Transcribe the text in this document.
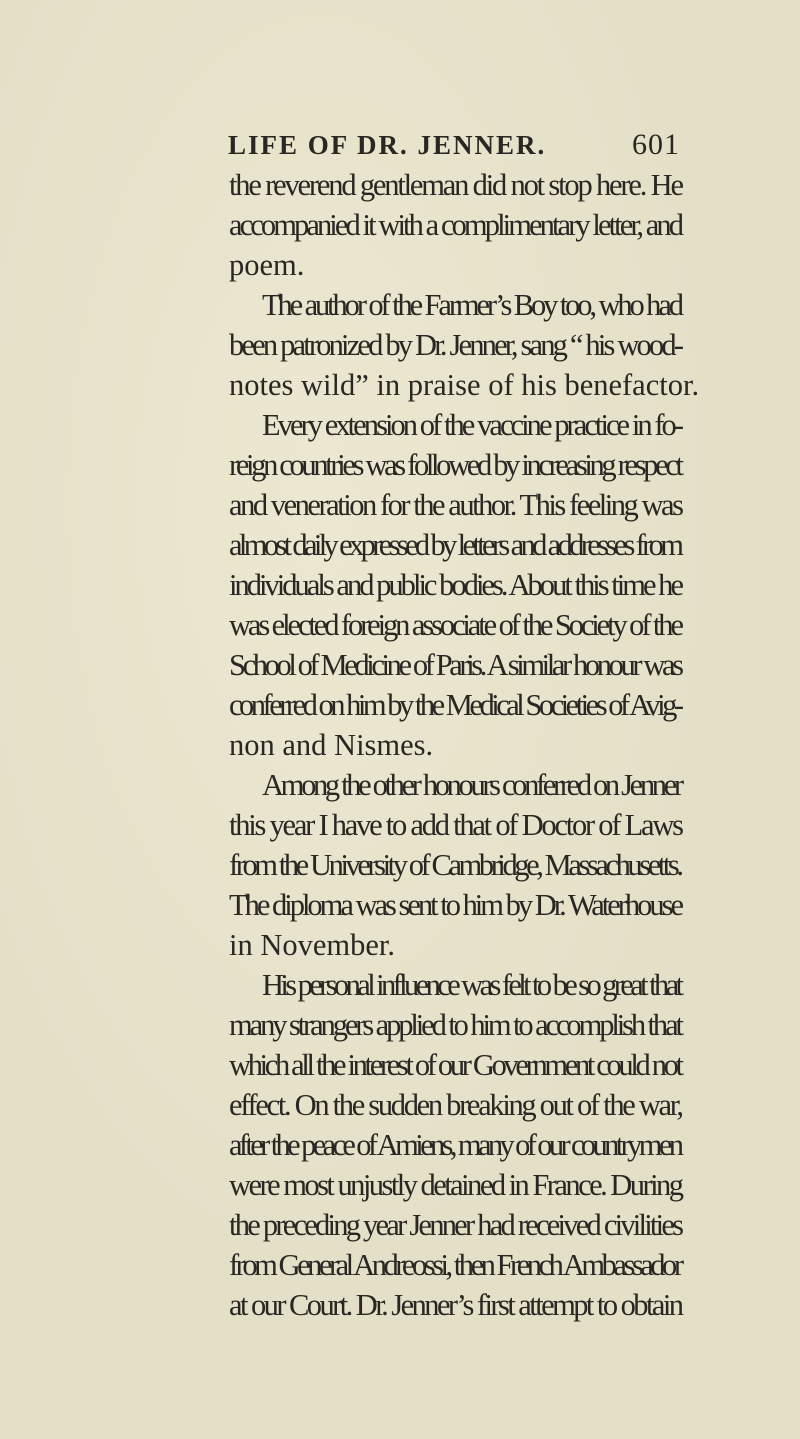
LIFE OF DR. JENNER.	601
the reverend gentleman did not stop here. He
accompanied it with a complimentary letter, and
poem.
The author of the Farmer’s Boy too, who had
been patronized by Dr. Jenner, sang “ his wood-
notes wild” in praise of his benefactor.
Every extension of the vaccine practice in fo-
reign countries was followed by increasing respect
and veneration for the author. This feeling was
almost daily expressed by letters and addresses from
individuals and public bodies. About this time he
was elected foreign associate of the Society of the
School of Medicine of Paris. A similar honour was
conferred on him by the Medical Societies of Avig-
non and Nismes.
Among the other honours conferred on Jenner
this year I have to add that of Doctor of Laws
from the University of Cambridge, Massachusetts.
The diploma was sent to him by Dr. Waterhouse
in November.
His personal influence was felt to be so great that
many strangers applied to him to accomplish that
which all the interest of our Government could not
effect. On the sudden breaking out of the war,
after the peace of Amiens, many of our countrymen
were most unjustly detained in France. During
the preceding year Jenner had received civilities
from General Andreossi, then French Ambassador
at our Court. Dr. Jenner’s first attempt to obtain
